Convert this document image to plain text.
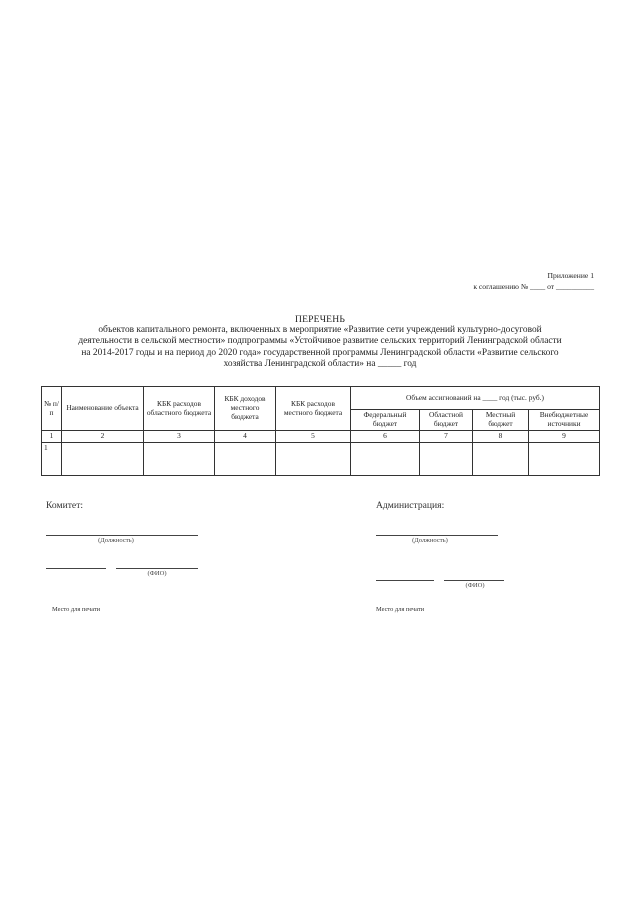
Приложение 1
к соглашению № ____ от __________
ПЕРЕЧЕНЬ
объектов капитального ремонта, включенных в мероприятие «Развитие сети учреждений культурно-досуговой
деятельности в сельской местности» подпрограммы «Устойчивое развитие сельских территорий Ленинградской области
на 2014-2017 годы и на период до 2020 года» государственной программы Ленинградской области «Развитие сельского
хозяйства Ленинградской области» на _____ год
№ п/п	Наименование объекта	КБК расходов областного бюджета	КБК доходов местного бюджета	КБК расходов местного бюджета	Объем ассигнований на ____ год (тыс. руб.)			
					Федеральный бюджет	Областной бюджет	Местный бюджет	Внебюджетные источники
1	2	3	4	5	6	7	8	9
1								
Комитет:
(Должность)
(ФИО)
Место для печати
Администрация:
(Должность)
(ФИО)
Место для печати
